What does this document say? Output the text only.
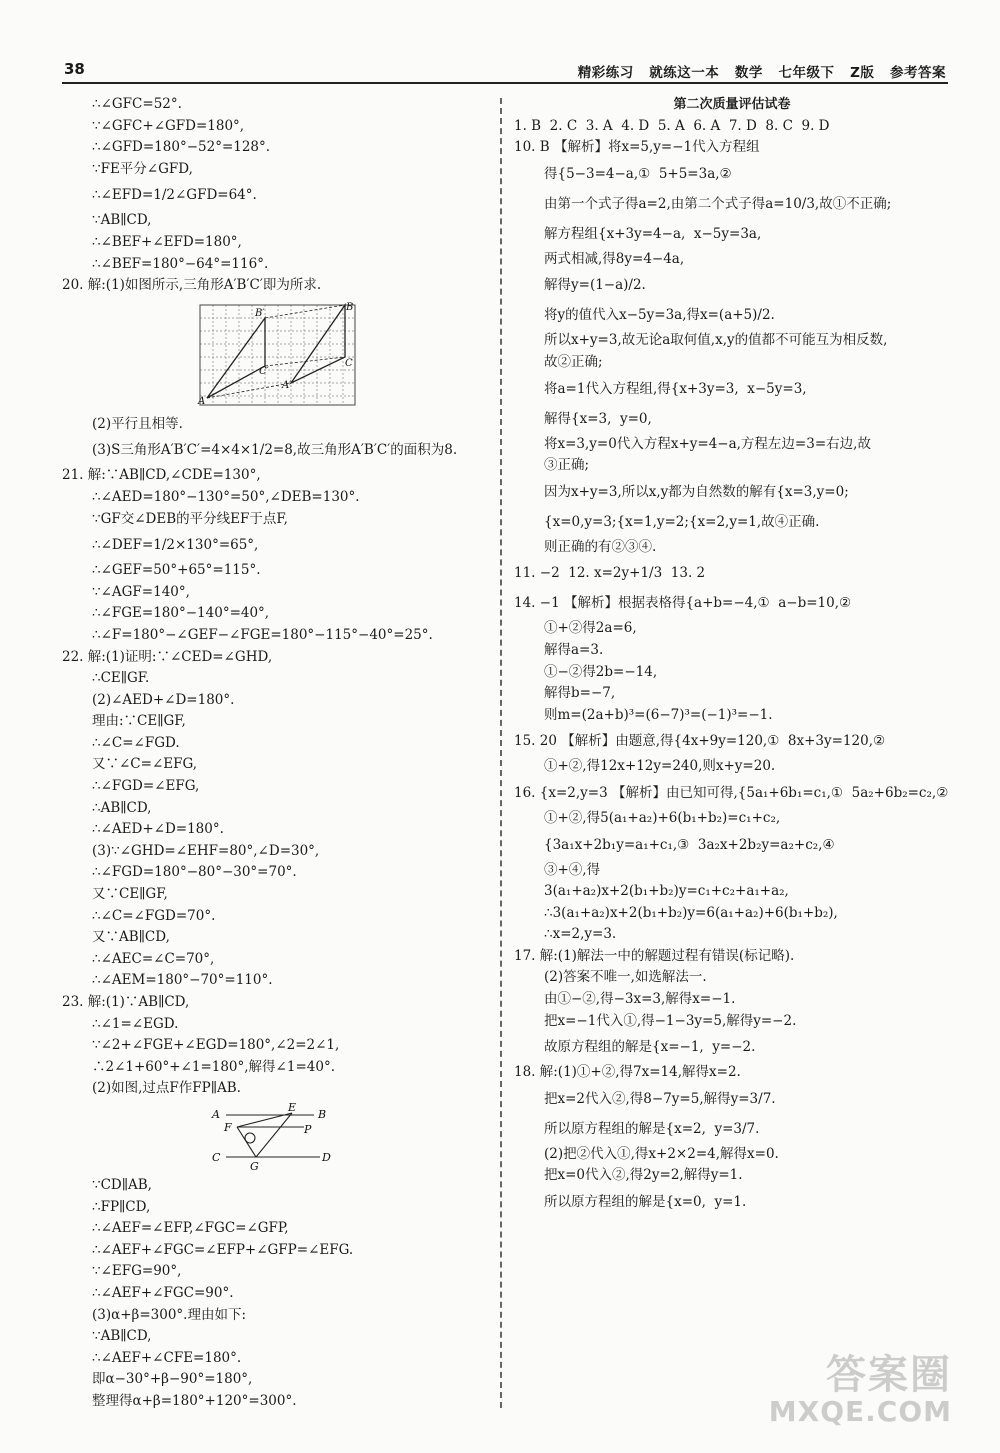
38	精彩练习   就练这一本   数学   七年级下   Z版   参考答案
∴∠GFC=52°.
∵∠GFC+∠GFD=180°,
∴∠GFD=180°−52°=128°.
∵FE平分∠GFD,
∴∠EFD=1/2∠GFD=64°.
∵AB∥CD,
∴∠BEF+∠EFD=180°,
∴∠BEF=180°−64°=116°.
20. 解:(1)如图所示,三角形A′B′C′即为所求.
B′
B
C′
C
A′
A
(2)平行且相等.
(3)S三角形A′B′C′=4×4×1/2=8,故三角形A′B′C′的面积为8.
21. 解:∵AB∥CD,∠CDE=130°,
∴∠AED=180°−130°=50°,∠DEB=130°.
∵GF交∠DEB的平分线EF于点F,
∴∠DEF=1/2×130°=65°,
∴∠GEF=50°+65°=115°.
∵∠AGF=140°,
∴∠FGE=180°−140°=40°,
∴∠F=180°−∠GEF−∠FGE=180°−115°−40°=25°.
22. 解:(1)证明:∵∠CED=∠GHD,
∴CE∥GF.
(2)∠AED+∠D=180°.
理由:∵CE∥GF,
∴∠C=∠FGD.
又∵∠C=∠EFG,
∴∠FGD=∠EFG,
∴AB∥CD,
∴∠AED+∠D=180°.
(3)∵∠GHD=∠EHF=80°,∠D=30°,
∴∠FGD=180°−80°−30°=70°.
又∵CE∥GF,
∴∠C=∠FGD=70°.
又∵AB∥CD,
∴∠AEC=∠C=70°,
∴∠AEM=180°−70°=110°.
23. 解:(1)∵AB∥CD,
∴∠1=∠EGD.
∵∠2+∠FGE+∠EGD=180°,∠2=2∠1,
∴2∠1+60°+∠1=180°,解得∠1=40°.
(2)如图,过点F作FP∥AB.
A
E
B
F	P
C
G
D
∵CD∥AB,
∴FP∥CD,
∴∠AEF=∠EFP,∠FGC=∠GFP,
∴∠AEF+∠FGC=∠EFP+∠GFP=∠EFG.
∵∠EFG=90°,
∴∠AEF+∠FGC=90°.
(3)α+β=300°.理由如下:
∵AB∥CD,
∴∠AEF+∠CFE=180°.
即α−30°+β−90°=180°,
整理得α+β=180°+120°=300°.
第二次质量评估试卷
1. B  2. C  3. A  4. D  5. A  6. A  7. D  8. C  9. D
10. B 【解析】将x=5,y=−1代入方程组
得{5−3=4−a,①  5+5=3a,②
由第一个式子得a=2,由第二个式子得a=10/3,故①不正确;
解方程组{x+3y=4−a,  x−5y=3a,
两式相减,得8y=4−4a,
解得y=(1−a)/2.
将y的值代入x−5y=3a,得x=(a+5)/2.
所以x+y=3,故无论a取何值,x,y的值都不可能互为相反数,
故②正确;
将a=1代入方程组,得{x+3y=3,  x−5y=3,
解得{x=3,  y=0,
将x=3,y=0代入方程x+y=4−a,方程左边=3=右边,故
③正确;
因为x+y=3,所以x,y都为自然数的解有{x=3,y=0;
{x=0,y=3;{x=1,y=2;{x=2,y=1,故④正确.
则正确的有②③④.
11. −2  12. x=2y+1/3  13. 2
14. −1 【解析】根据表格得{a+b=−4,①  a−b=10,②
①+②得2a=6,
解得a=3.
①−②得2b=−14,
解得b=−7,
则m=(2a+b)³=(6−7)³=(−1)³=−1.
15. 20 【解析】由题意,得{4x+9y=120,①  8x+3y=120,②
①+②,得12x+12y=240,则x+y=20.
16. {x=2,y=3 【解析】由已知可得,{5a₁+6b₁=c₁,①  5a₂+6b₂=c₂,②
①+②,得5(a₁+a₂)+6(b₁+b₂)=c₁+c₂,
{3a₁x+2b₁y=a₁+c₁,③  3a₂x+2b₂y=a₂+c₂,④
③+④,得
3(a₁+a₂)x+2(b₁+b₂)y=c₁+c₂+a₁+a₂,
∴3(a₁+a₂)x+2(b₁+b₂)y=6(a₁+a₂)+6(b₁+b₂),
∴x=2,y=3.
17. 解:(1)解法一中的解题过程有错误(标记略).
(2)答案不唯一,如选解法一.
由①−②,得−3x=3,解得x=−1.
把x=−1代入①,得−1−3y=5,解得y=−2.
故原方程组的解是{x=−1,  y=−2.
18. 解:(1)①+②,得7x=14,解得x=2.
把x=2代入②,得8−7y=5,解得y=3/7.
所以原方程组的解是{x=2,  y=3/7.
(2)把②代入①,得x+2×2=4,解得x=0.
把x=0代入②,得2y=2,解得y=1.
所以原方程组的解是{x=0,  y=1.
答案圈
MXQE.COM
